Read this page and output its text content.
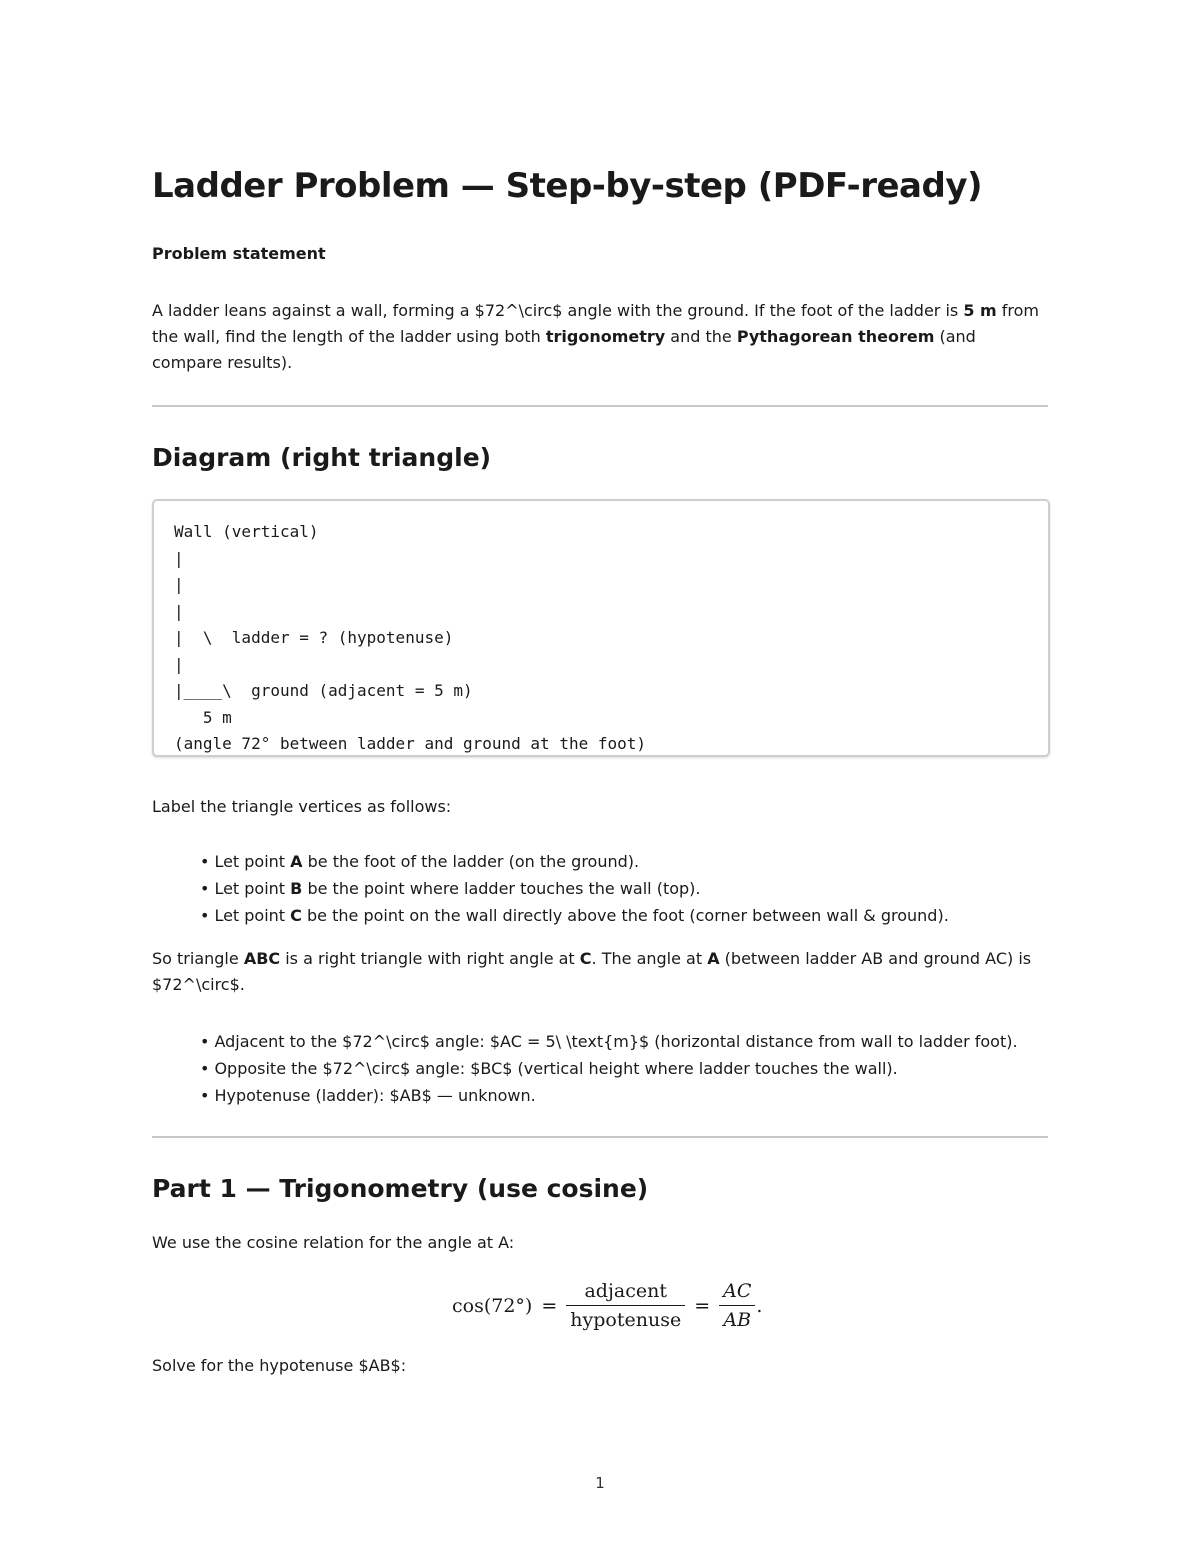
Ladder Problem — Step-by-step (PDF-ready)
Problem statement

A ladder leans against a wall, forming a $72^\circ$ angle with the ground. If the foot of the ladder is 5 m from the wall, find the length of the ladder using both trigonometry and the Pythagorean theorem (and compare results).

Diagram (right triangle)
Wall (vertical)
|
|
|
|  \  ladder = ? (hypotenuse)
|
|____\  ground (adjacent = 5 m)
5 m
(angle 72° between ladder and ground at the foot)

Label the triangle vertices as follows:

• Let point A be the foot of the ladder (on the ground).
• Let point B be the point where ladder touches the wall (top).
• Let point C be the point on the wall directly above the foot (corner between wall & ground).

So triangle ABC is a right triangle with right angle at C. The angle at A (between ladder AB and ground AC) is $72^\circ$.

• Adjacent to the $72^\circ$ angle: $AC = 5\ \text{m}$ (horizontal distance from wall to ladder foot).
• Opposite the $72^\circ$ angle: $BC$ (vertical height where ladder touches the wall).
• Hypotenuse (ladder): $AB$ — unknown.
Part 1 — Trigonometry (use cosine)

We use the cosine relation for the angle at A:

$\cos(72^\circ) = \frac{\text{adjacent}}{\text{hypotenuse}} = \frac{AC}{AB}$ .

Solve for the hypotenuse $AB$:

1
